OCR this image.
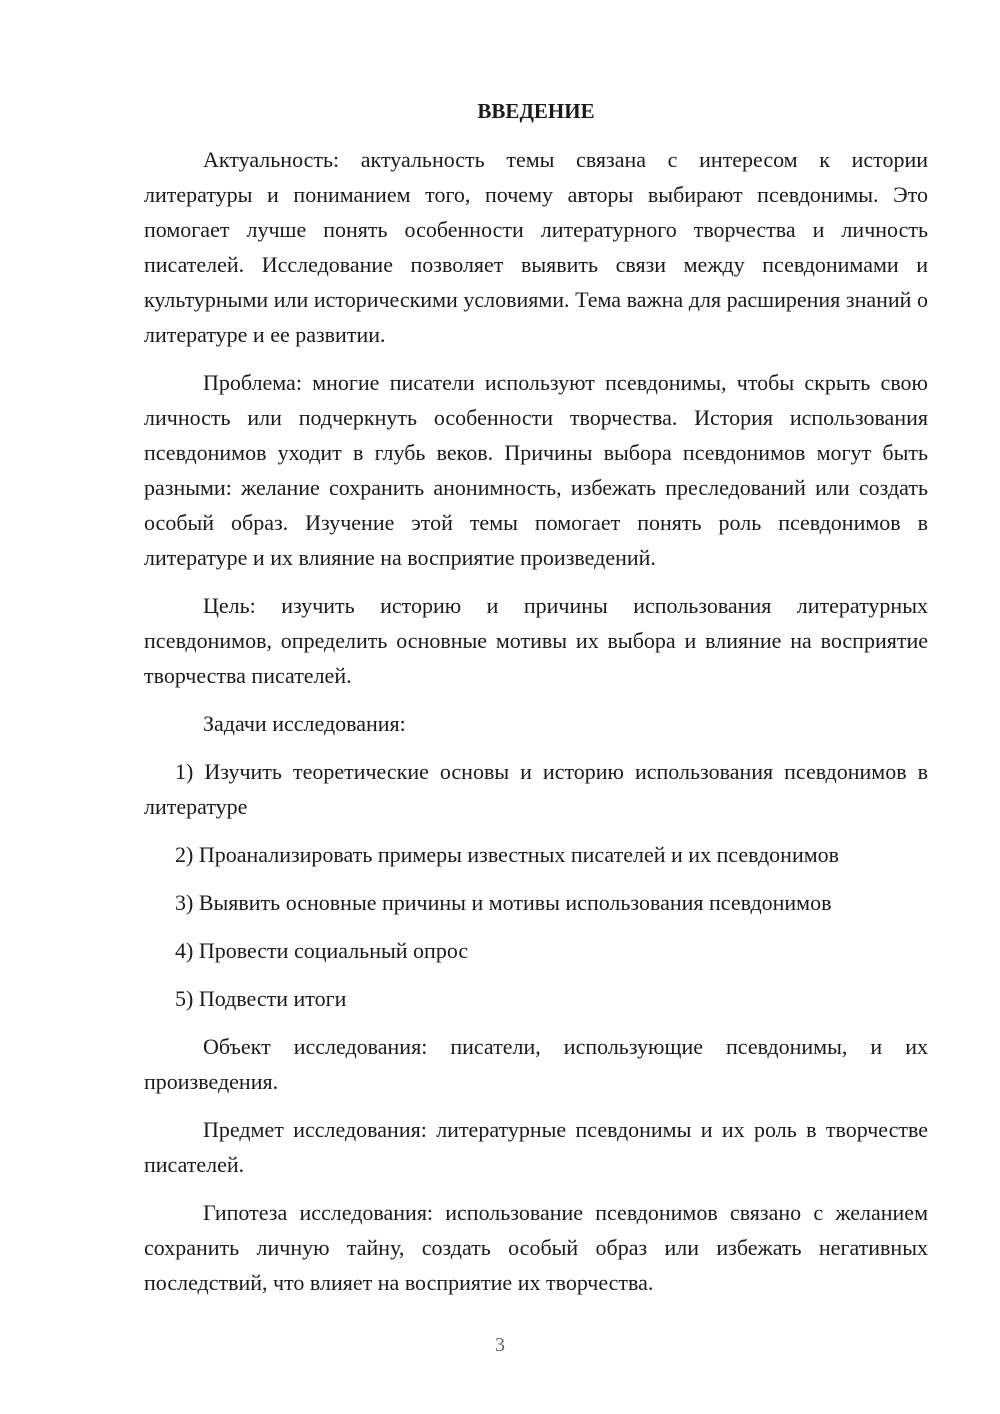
ВВЕДЕНИЕ

Актуальность: актуальность темы связана с интересом к истории литературы и пониманием того, почему авторы выбирают псевдонимы. Это помогает лучше понять особенности литературного творчества и личность писателей. Исследование позволяет выявить связи между псевдонимами и культурными или историческими условиями. Тема важна для расширения знаний о литературе и ее развитии.

Проблема: многие писатели используют псевдонимы, чтобы скрыть свою личность или подчеркнуть особенности творчества. История использования псевдонимов уходит в глубь веков. Причины выбора псевдонимов могут быть разными: желание сохранить анонимность, избежать преследований или создать особый образ. Изучение этой темы помогает понять роль псевдонимов в литературе и их влияние на восприятие произведений.

Цель: изучить историю и причины использования литературных псевдонимов, определить основные мотивы их выбора и влияние на восприятие творчества писателей.

Задачи исследования:

1) Изучить теоретические основы и историю использования псевдонимов в литературе

2) Проанализировать примеры известных писателей и их псевдонимов

3) Выявить основные причины и мотивы использования псевдонимов

4) Провести социальный опрос

5) Подвести итоги

Объект исследования: писатели, использующие псевдонимы, и их произведения.

Предмет исследования: литературные псевдонимы и их роль в творчестве писателей.

Гипотеза исследования: использование псевдонимов связано с желанием сохранить личную тайну, создать особый образ или избежать негативных последствий, что влияет на восприятие их творчества.

3
